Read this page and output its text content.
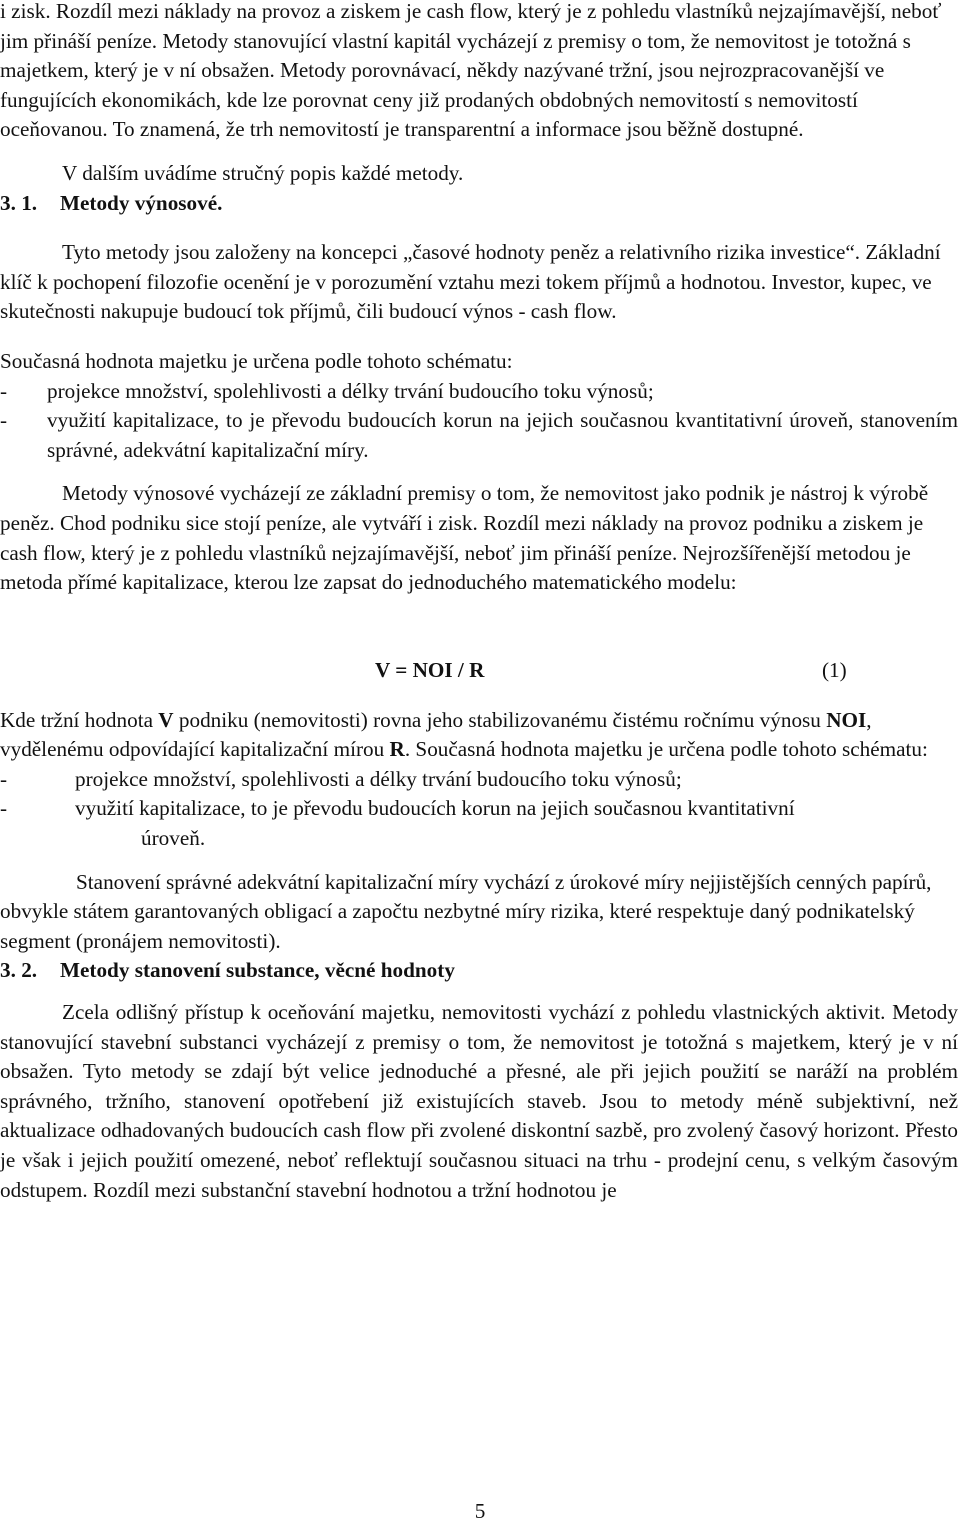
i zisk. Rozdíl mezi náklady na provoz a ziskem je cash flow, který je z pohledu vlastníků nejzajímavější, neboť jim přináší peníze. Metody stanovující vlastní kapitál vycházejí z premisy o tom, že nemovitost je totožná s majetkem, který je v ní obsažen. Metody porovnávací, někdy nazývané tržní, jsou nejrozpracovanější ve fungujících ekonomikách, kde lze porovnat ceny již prodaných obdobných nemovitostí s nemovitostí oceňovanou. To znamená, že trh nemovitostí je transparentní a informace jsou běžně dostupné.

V dalším uvádíme stručný popis každé metody.

3. 1. Metody výnosové.

Tyto metody jsou založeny na koncepci „časové hodnoty peněz a relativního rizika investice“. Základní klíč k pochopení filozofie ocenění je v porozumění vztahu mezi tokem příjmů a hodnotou. Investor, kupec, ve skutečnosti nakupuje budoucí tok příjmů, čili budoucí výnos - cash flow.

Současná hodnota majetku je určena podle tohoto schématu:

- projekce množství, spolehlivosti a délky trvání budoucího toku výnosů;
- využití kapitalizace, to je převodu budoucích korun na jejich současnou kvantitativní úroveň, stanovením správné, adekvátní kapitalizační míry.

Metody výnosové vycházejí ze základní premisy o tom, že nemovitost jako podnik je nástroj k výrobě peněz. Chod podniku sice stojí peníze, ale vytváří i zisk. Rozdíl mezi náklady na provoz podniku a ziskem je cash flow, který je z pohledu vlastníků nejzajímavější, neboť jim přináší peníze. Nejrozšířenější metodou je metoda přímé kapitalizace, kterou lze zapsat do jednoduchého matematického modelu:

V = NOI / R	(1)

Kde tržní hodnota V podniku (nemovitosti) rovna jeho stabilizovanému čistému ročnímu výnosu NOI, vydělenému odpovídající kapitalizační mírou R. Současná hodnota majetku je určena podle tohoto schématu:

-	projekce množství, spolehlivosti a délky trvání budoucího toku výnosů;
-	využití kapitalizace, to je převodu budoucích korun na jejich současnou kvantitativní
úroveň.

Stanovení správné adekvátní kapitalizační míry vychází z úrokové míry nejjistějších cenných papírů, obvykle státem garantovaných obligací a započtu nezbytné míry rizika, které respektuje daný podnikatelský segment (pronájem nemovitosti).

3. 2. Metody stanovení substance, věcné hodnoty

Zcela odlišný přístup k oceňování majetku, nemovitosti vychází z pohledu vlastnických aktivit. Metody stanovující stavební substanci vycházejí z premisy o tom, že nemovitost je totožná s majetkem, který je v ní obsažen. Tyto metody se zdají být velice jednoduché a přesné, ale při jejich použití se naráží na problém správného, tržního, stanovení opotřebení již existujících staveb. Jsou to metody méně subjektivní, než aktualizace odhadovaných budoucích cash flow při zvolené diskontní sazbě, pro zvolený časový horizont. Přesto je však i jejich použití omezené, neboť reflektují současnou situaci na trhu - prodejní cenu, s velkým časovým odstupem. Rozdíl mezi substanční stavební hodnotou a tržní hodnotou je

5
